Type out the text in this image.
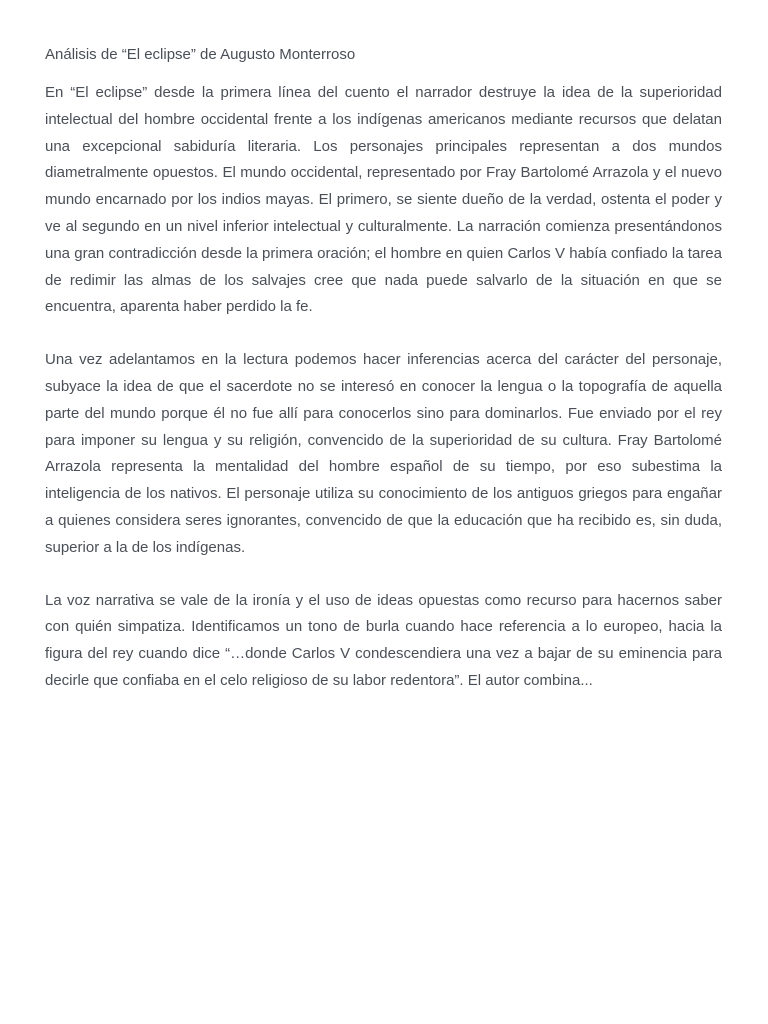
Análisis de “El eclipse” de Augusto Monterroso

En “El eclipse” desde la primera línea del cuento el narrador destruye la idea de la superioridad intelectual del hombre occidental frente a los indígenas americanos mediante recursos que delatan una excepcional sabiduría literaria. Los personajes principales representan a dos mundos diametralmente opuestos. El mundo occidental, representado por Fray Bartolomé Arrazola y el nuevo mundo encarnado por los indios mayas. El primero, se siente dueño de la verdad, ostenta el poder y ve al segundo en un nivel inferior intelectual y culturalmente. La narración comienza presentándonos una gran contradicción desde la primera oración; el hombre en quien Carlos V había confiado la tarea de redimir las almas de los salvajes cree que nada puede salvarlo de la situación en que se encuentra, aparenta haber perdido la fe.

Una vez adelantamos en la lectura podemos hacer inferencias acerca del carácter del personaje, subyace la idea de que el sacerdote no se interesó en conocer la lengua o la topografía de aquella parte del mundo porque él no fue allí para conocerlos sino para dominarlos. Fue enviado por el rey para imponer su lengua y su religión, convencido de la superioridad de su cultura. Fray Bartolomé Arrazola representa la mentalidad del hombre español de su tiempo, por eso subestima la inteligencia de los nativos. El personaje utiliza su conocimiento de los antiguos griegos para engañar a quienes considera seres ignorantes, convencido de que la educación que ha recibido es, sin duda, superior a la de los indígenas.

La voz narrativa se vale de la ironía y el uso de ideas opuestas como recurso para hacernos saber con quién simpatiza. Identificamos un tono de burla cuando hace referencia a lo europeo, hacia la figura del rey cuando dice “…donde Carlos V condescendiera una vez a bajar de su eminencia para decirle que confiaba en el celo religioso de su labor redentora”. El autor combina...
